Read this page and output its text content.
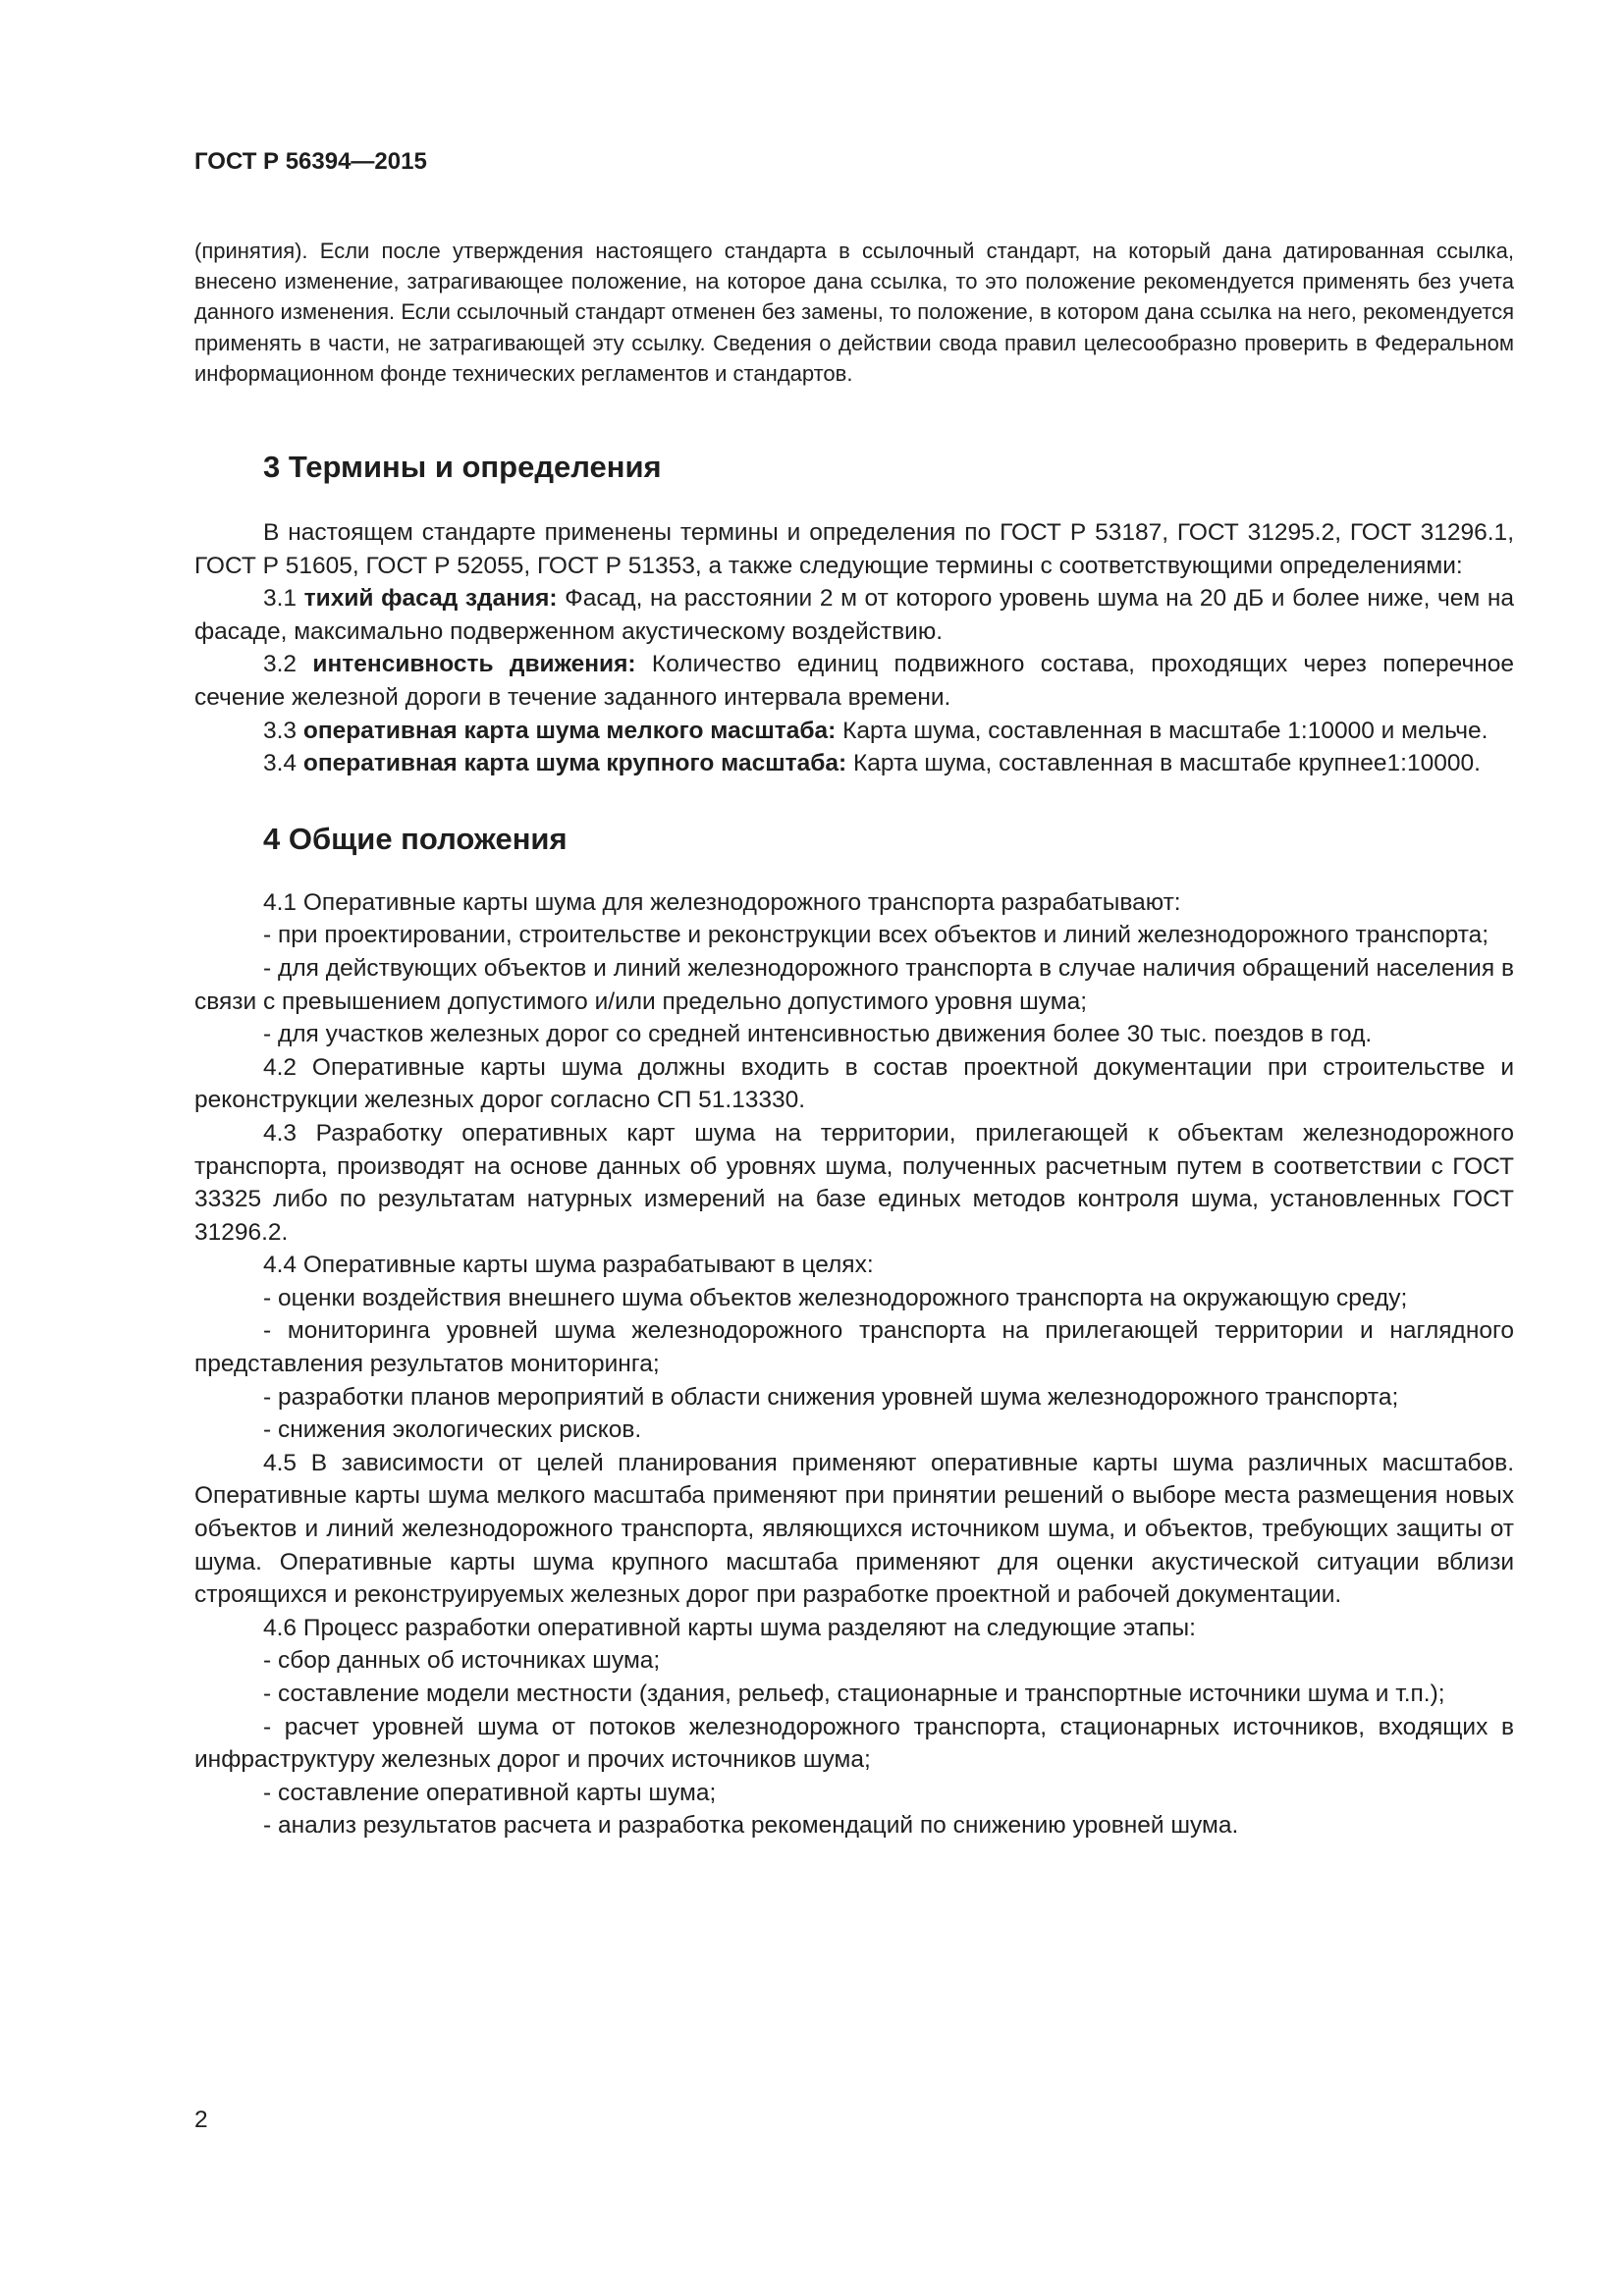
ГОСТ Р 56394—2015

(принятия). Если после утверждения настоящего стандарта в ссылочный стандарт, на который дана датированная ссылка, внесено изменение, затрагивающее положение, на которое дана ссылка, то это положение рекомендуется применять без учета данного изменения. Если ссылочный стандарт отменен без замены, то положение, в котором дана ссылка на него, рекомендуется применять в части, не затрагивающей эту ссылку. Сведения о действии свода правил целесообразно проверить в Федеральном информационном фонде технических регламентов и стандартов.

3 Термины и определения

В настоящем стандарте применены термины и определения по ГОСТ Р 53187, ГОСТ 31295.2, ГОСТ 31296.1, ГОСТ Р 51605, ГОСТ Р 52055, ГОСТ Р 51353, а также следующие термины с соответствующими определениями:

3.1 тихий фасад здания: Фасад, на расстоянии 2 м от которого уровень шума на 20 дБ и более ниже, чем на фасаде, максимально подверженном акустическому воздействию.

3.2 интенсивность движения: Количество единиц подвижного состава, проходящих через поперечное сечение железной дороги в течение заданного интервала времени.

3.3 оперативная карта шума мелкого масштаба: Карта шума, составленная в масштабе 1:10000 и мельче.

3.4 оперативная карта шума крупного масштаба: Карта шума, составленная в масштабе крупнее1:10000.

4 Общие положения

4.1 Оперативные карты шума для железнодорожного транспорта разрабатывают:

- при проектировании, строительстве и реконструкции всех объектов и линий железнодорожного транспорта;

- для действующих объектов и линий железнодорожного транспорта в случае наличия обращений населения в связи с превышением допустимого и/или предельно допустимого уровня шума;

- для участков железных дорог со средней интенсивностью движения более 30 тыс. поездов в год.

4.2 Оперативные карты шума должны входить в состав проектной документации при строительстве и реконструкции железных дорог согласно СП 51.13330.

4.3 Разработку оперативных карт шума на территории, прилегающей к объектам железнодорожного транспорта, производят на основе данных об уровнях шума, полученных расчетным путем в соответствии с ГОСТ 33325 либо по результатам натурных измерений на базе единых методов контроля шума, установленных ГОСТ 31296.2.

4.4 Оперативные карты шума разрабатывают в целях:

- оценки воздействия внешнего шума объектов железнодорожного транспорта на окружающую среду;

- мониторинга уровней шума железнодорожного транспорта на прилегающей территории и наглядного представления результатов мониторинга;

- разработки планов мероприятий в области снижения уровней шума железнодорожного транспорта;

- снижения экологических рисков.

4.5 В зависимости от целей планирования применяют оперативные карты шума различных масштабов. Оперативные карты шума мелкого масштаба применяют при принятии решений о выборе места размещения новых объектов и линий железнодорожного транспорта, являющихся источником шума, и объектов, требующих защиты от шума. Оперативные карты шума крупного масштаба применяют для оценки акустической ситуации вблизи строящихся и реконструируемых железных дорог при разработке проектной и рабочей документации.

4.6 Процесс разработки оперативной карты шума разделяют на следующие этапы:

- сбор данных об источниках шума;

- составление модели местности (здания, рельеф, стационарные и транспортные источники шума и т.п.);

- расчет уровней шума от потоков железнодорожного транспорта, стационарных источников, входящих в инфраструктуру железных дорог и прочих источников шума;

- составление оперативной карты шума;

- анализ результатов расчета и разработка рекомендаций по снижению уровней шума.

2
